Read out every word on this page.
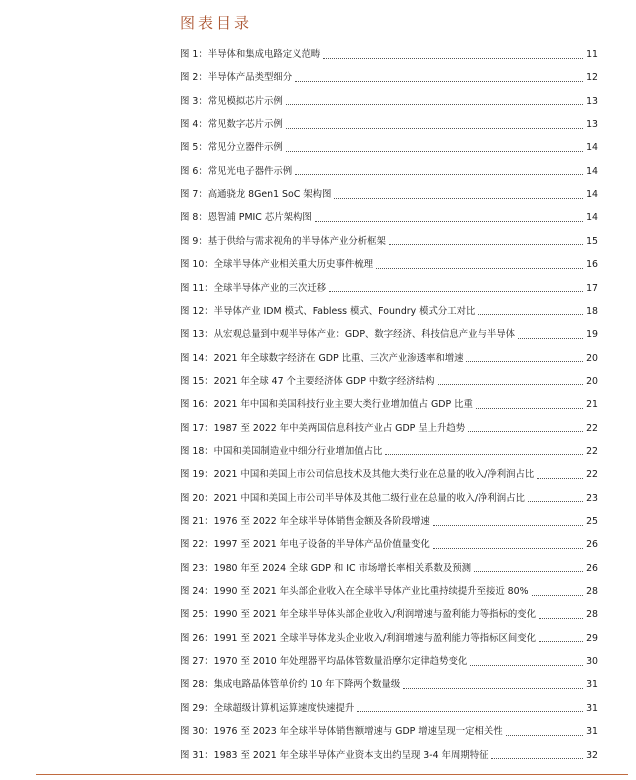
图表目录
图 1：半导体和集成电路定义范畴	11
图 2：半导体产品类型细分	12
图 3：常见模拟芯片示例	13
图 4：常见数字芯片示例	13
图 5：常见分立器件示例	14
图 6：常见光电子器件示例	14
图 7：高通骁龙 8Gen1 SoC 架构图	14
图 8：恩智浦 PMIC 芯片架构图	14
图 9：基于供给与需求视角的半导体产业分析框架	15
图 10：全球半导体产业相关重大历史事件梳理	16
图 11：全球半导体产业的三次迁移	17
图 12：半导体产业 IDM 模式、Fabless 模式、Foundry 模式分工对比	18
图 13：从宏观总量到中观半导体产业：GDP、数字经济、科技信息产业与半导体	19
图 14：2021 年全球数字经济在 GDP 比重、三次产业渗透率和增速	20
图 15：2021 年全球 47 个主要经济体 GDP 中数字经济结构	20
图 16：2021 年中国和美国科技行业主要大类行业增加值占 GDP 比重	21
图 17：1987 至 2022 年中美两国信息科技产业占 GDP 呈上升趋势	22
图 18：中国和美国制造业中细分行业增加值占比	22
图 19：2021 中国和美国上市公司信息技术及其他大类行业在总量的收入/净利润占比	22
图 20：2021 中国和美国上市公司半导体及其他二级行业在总量的收入/净利润占比	23
图 21：1976 至 2022 年全球半导体销售金额及各阶段增速	25
图 22：1997 至 2021 年电子设备的半导体产品价值量变化	26
图 23：1980 年至 2024 全球 GDP 和 IC 市场增长率相关系数及预测	26
图 24：1990 至 2021 年头部企业收入在全球半导体产业比重持续提升至接近 80%	28
图 25：1990 至 2021 年全球半导体头部企业收入/利润增速与盈利能力等指标的变化	28
图 26：1991 至 2021 全球半导体龙头企业收入/利润增速与盈利能力等指标区间变化	29
图 27：1970 至 2010 年处理器平均晶体管数量沿摩尔定律趋势变化	30
图 28：集成电路晶体管单价约 10 年下降两个数量级	31
图 29：全球超级计算机运算速度快速提升	31
图 30：1976 至 2023 年全球半导体销售额增速与 GDP 增速呈现一定相关性	31
图 31：1983 至 2021 年全球半导体产业资本支出约呈现 3-4 年周期特征	32
